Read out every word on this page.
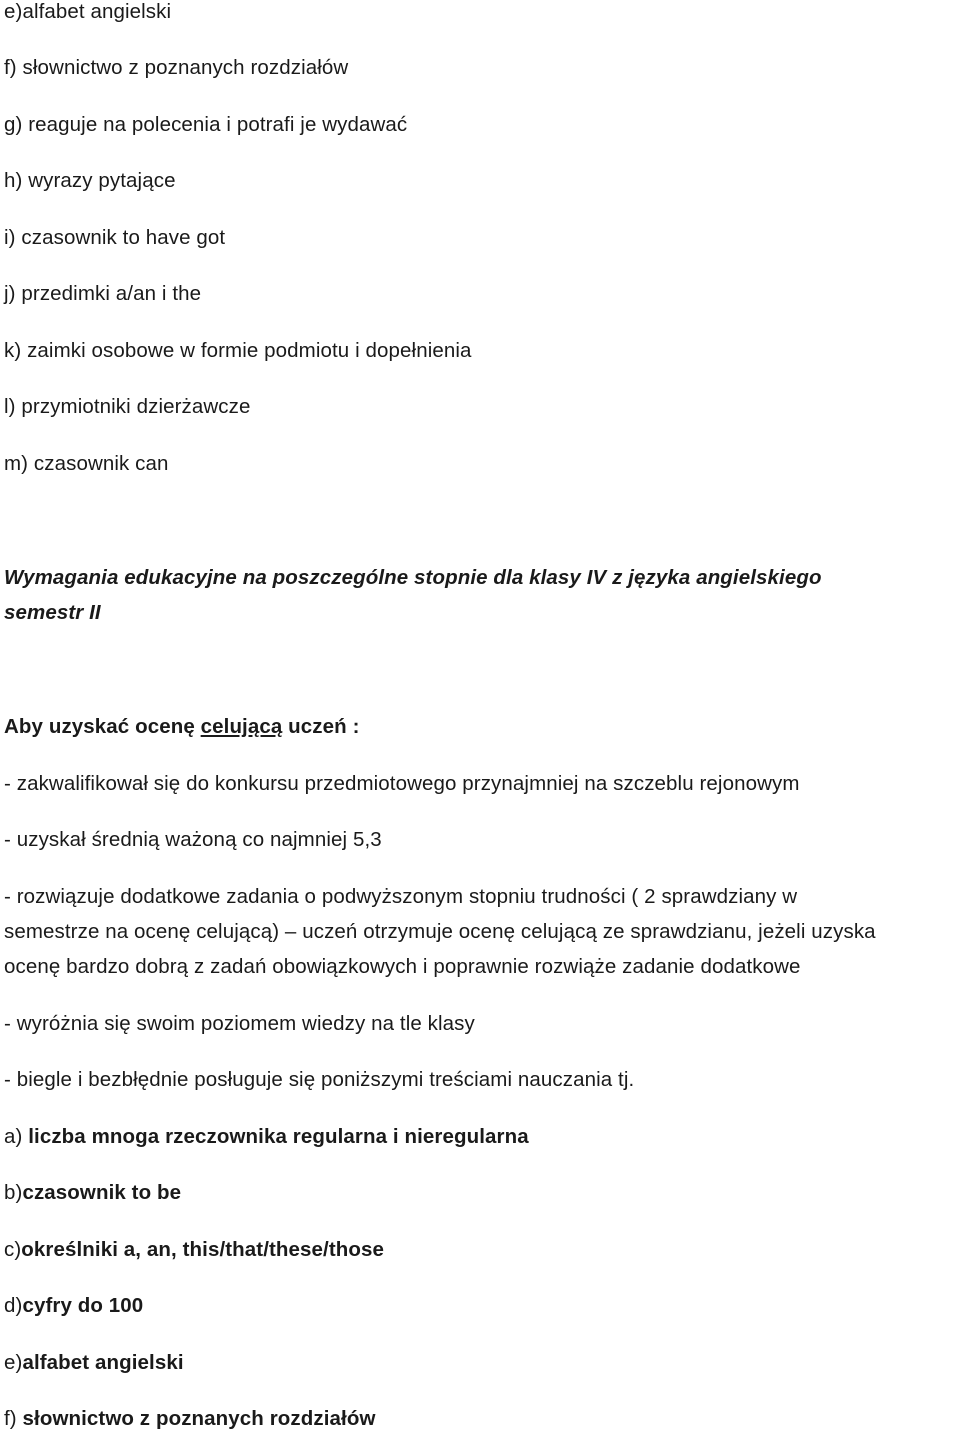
e)alfabet angielski
f) słownictwo z poznanych rozdziałów
g) reaguje na polecenia i potrafi je wydawać
h) wyrazy pytające
i) czasownik to have got
j) przedimki a/an i the
k) zaimki osobowe w formie podmiotu i dopełnienia
l) przymiotniki dzierżawcze
m) czasownik can
Wymagania edukacyjne na poszczególne stopnie dla klasy IV z języka angielskiego
semestr II
Aby uzyskać ocenę celującą uczeń :
- zakwalifikował się do konkursu przedmiotowego przynajmniej na szczeblu rejonowym
- uzyskał średnią ważoną co najmniej 5,3
- rozwiązuje dodatkowe zadania o podwyższonym stopniu trudności ( 2 sprawdziany w
semestrze na ocenę celującą) – uczeń otrzymuje ocenę celującą ze sprawdzianu, jeżeli uzyska
ocenę bardzo dobrą z zadań obowiązkowych i poprawnie rozwiąże zadanie dodatkowe
- wyróżnia się swoim poziomem wiedzy na tle klasy
- biegle i bezbłędnie posługuje się poniższymi treściami nauczania tj.
a) liczba mnoga rzeczownika regularna i nieregularna
b)czasownik to be
c)określniki a, an, this/that/these/those
d)cyfry do 100
e)alfabet angielski
f) słownictwo z poznanych rozdziałów
